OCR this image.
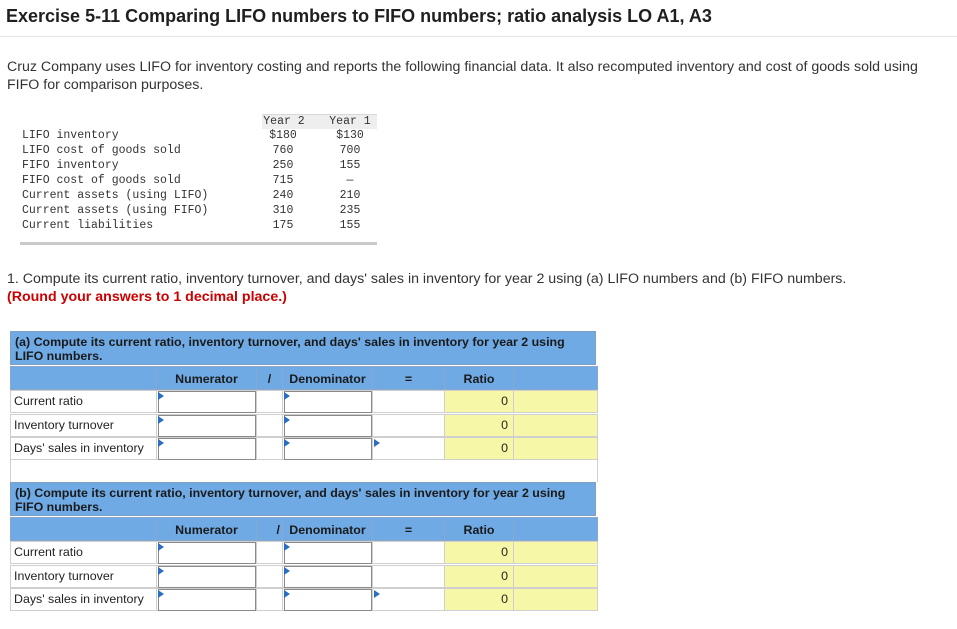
Exercise 5-11 Comparing LIFO numbers to FIFO numbers; ratio analysis LO A1, A3
Cruz Company uses LIFO for inventory costing and reports the following financial data. It also recomputed inventory and cost of goods sold using FIFO for comparison purposes.
Year 2	Year 1
LIFO inventory	$180	$130
LIFO cost of goods sold	760	700
FIFO inventory	250	155
FIFO cost of goods sold	715	—
Current assets (using LIFO)	240	210
Current assets (using FIFO)	310	235
Current liabilities	175	155
1. Compute its current ratio, inventory turnover, and days' sales in inventory for year 2 using (a) LIFO numbers and (b) FIFO numbers.
(Round your answers to 1 decimal place.)
(a) Compute its current ratio, inventory turnover, and days' sales in inventory for year 2 using LIFO numbers.
Numerator	/	Denominator	=	Ratio
Current ratio	0
Inventory turnover	0
Days' sales in inventory	0
(b) Compute its current ratio, inventory turnover, and days' sales in inventory for year 2 using FIFO numbers.
Numerator	/ Denominator	=	Ratio
Current ratio	0
Inventory turnover	0
Days' sales in inventory	0
